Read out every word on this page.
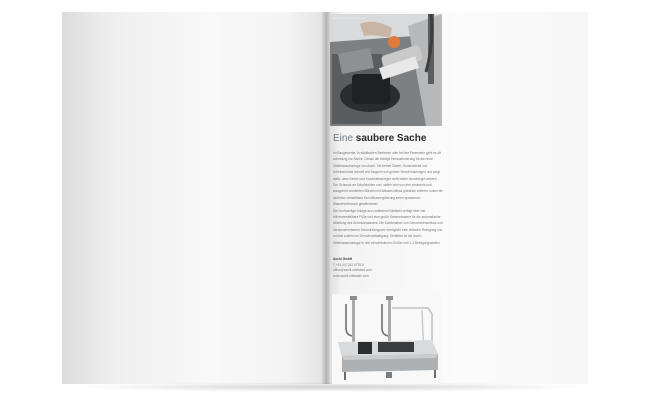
www.aschl-edelstahl.com
Eine saubere Sache

Im Baugewerbe, in städtischen Betrieben oder bei der Feuerwehr geht es oft schmutzig zur Sache. Genau die richtige Herausforderung für die neue Stiefelwaschanlage von Aschl. Sie befreit Stiefel, Gummistiefel und Arbeitsschuhe schnell und bequem von groben Verschmutzungen und sorgt dafür, dass Keime und Krankheitserreger nicht weiter verschleppt werden. Der Schmutz an Schuhsohlen und -seiten wird von drei senkrecht und waagrecht montierten Bürsten mit Wasserzufluss gründlich entfernt, wobei die stufenlos verstellbare Durchflussregulierung einen sparsamen Wasserverbrauch gewährleistet.

Die hochwertige Anlage aus rostfreiem Edelstahl verfügt über vier höhenverstellbare Füße und eine große Sammelwanne für die automatische Ableitung des Schmutzwassers. Die Kombination von Geruchsverschluss und herausnehmbarem Schmutzfangkorb ermöglicht eine einfache Reinigung und schützt zudem vor Geruchsbelästigung. Erhältlich ist die Aschl-Stiefelwaschanlage in drei verschiedenen Größen mit 1-3 Reinigungsstufen.

Aschl GmbH
T +43 (0)7242 8776-0
office@aschl-edelstahl.com
www.aschl-edelstahl.com
